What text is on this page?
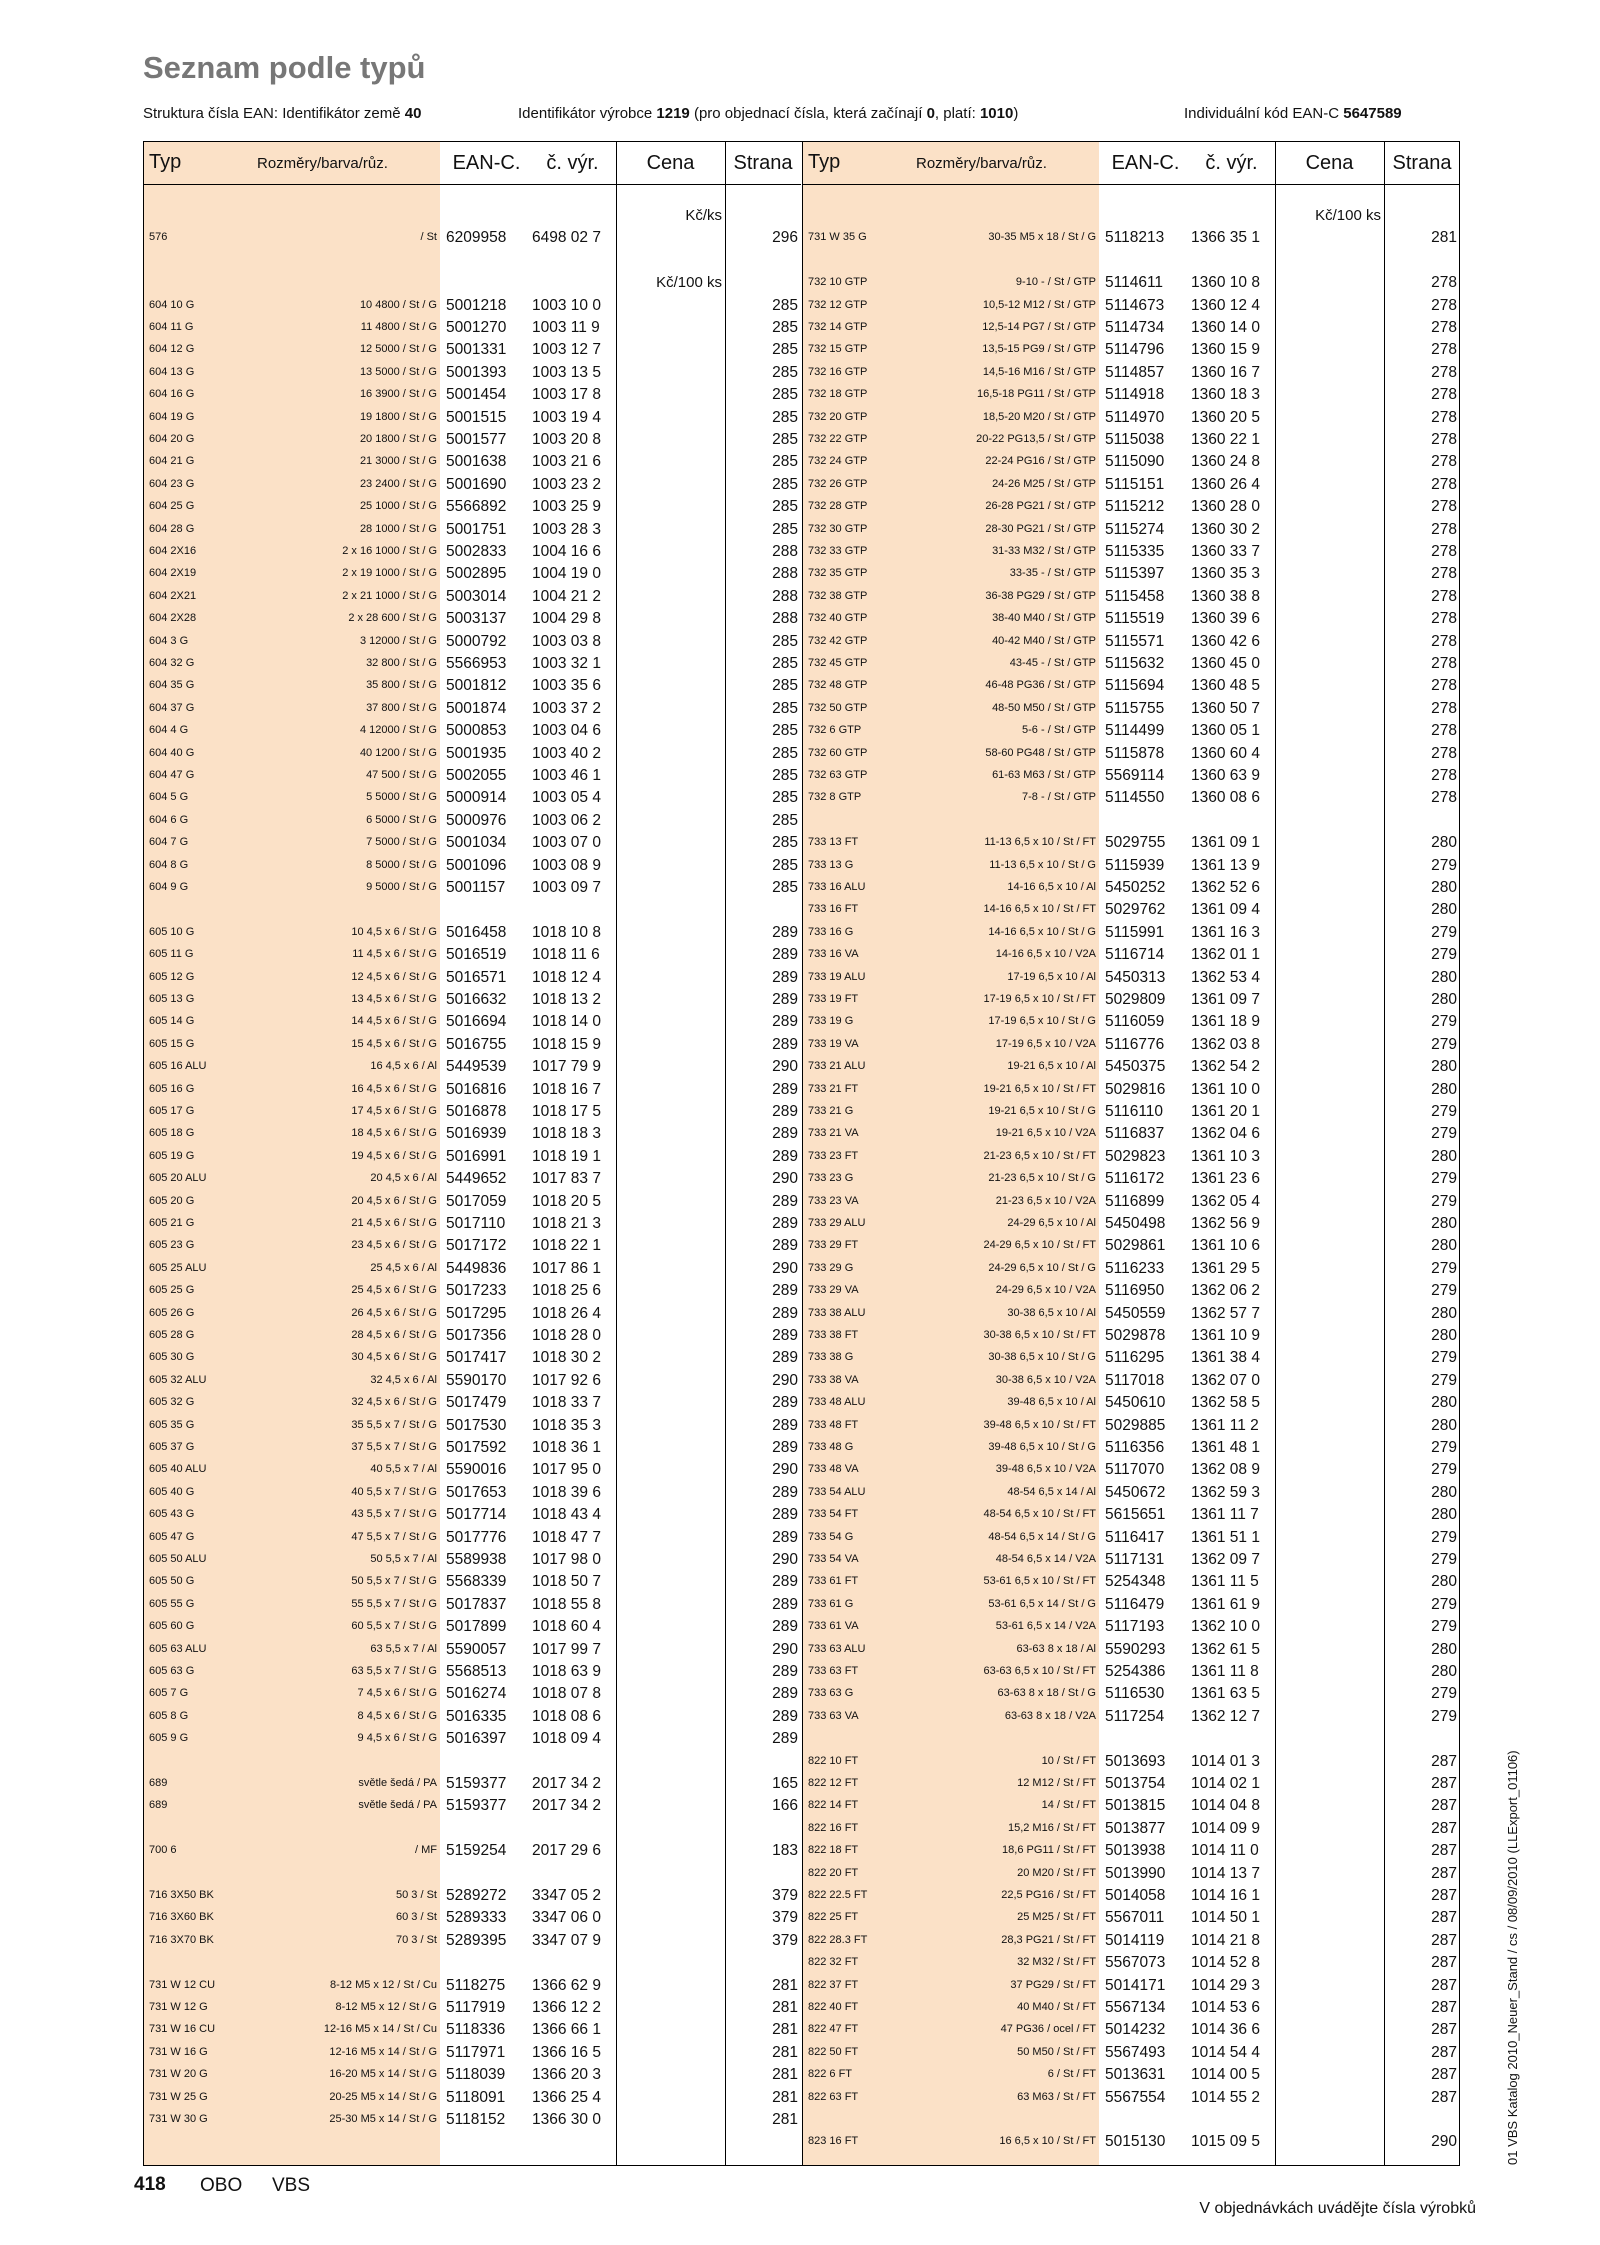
Seznam podle typů
Struktura čísla EAN: Identifikátor země 40	Identifikátor výrobce 1219 (pro objednací čísla, která začínají 0, platí: 1010)	Individuální kód EAN-C 5647589
Typ	Rozměry/barva/růz.	EAN-C.	č. výr.	Cena	Strana
576	/ St 6209958 6498 02 7	296
604 10 G	10 4800 / St / G 5001218 1003 10 0	285
604 11 G	11 4800 / St / G 5001270 1003 11 9	285
604 12 G	12 5000 / St / G 5001331 1003 12 7	285
604 13 G	13 5000 / St / G 5001393 1003 13 5	285
604 16 G	16 3900 / St / G 5001454 1003 17 8	285
604 19 G	19 1800 / St / G 5001515 1003 19 4	285
604 20 G	20 1800 / St / G 5001577 1003 20 8	285
604 21 G	21 3000 / St / G 5001638 1003 21 6	285
604 23 G	23 2400 / St / G 5001690 1003 23 2	285
604 25 G	25 1000 / St / G 5566892 1003 25 9	285
604 28 G	28 1000 / St / G 5001751 1003 28 3	285
604 2X16	2 x 16 1000 / St / G 5002833 1004 16 6	288
604 2X19	2 x 19 1000 / St / G 5002895 1004 19 0	288
604 2X21	2 x 21 1000 / St / G 5003014 1004 21 2	288
604 2X28	2 x 28 600 / St / G 5003137 1004 29 8	288
604 3 G	3 12000 / St / G 5000792 1003 03 8	285
604 32 G	32 800 / St / G 5566953 1003 32 1	285
604 35 G	35 800 / St / G 5001812 1003 35 6	285
604 37 G	37 800 / St / G 5001874 1003 37 2	285
604 4 G	4 12000 / St / G 5000853 1003 04 6	285
604 40 G	40 1200 / St / G 5001935 1003 40 2	285
604 47 G	47 500 / St / G 5002055 1003 46 1	285
604 5 G	5 5000 / St / G 5000914 1003 05 4	285
604 6 G	6 5000 / St / G 5000976 1003 06 2	285
604 7 G	7 5000 / St / G 5001034 1003 07 0	285
604 8 G	8 5000 / St / G 5001096 1003 08 9	285
604 9 G	9 5000 / St / G 5001157 1003 09 7	285
605 10 G	10 4,5 x 6 / St / G 5016458 1018 10 8	289
605 11 G	11 4,5 x 6 / St / G 5016519 1018 11 6	289
605 12 G	12 4,5 x 6 / St / G 5016571 1018 12 4	289
605 13 G	13 4,5 x 6 / St / G 5016632 1018 13 2	289
605 14 G	14 4,5 x 6 / St / G 5016694 1018 14 0	289
605 15 G	15 4,5 x 6 / St / G 5016755 1018 15 9	289
605 16 ALU	16 4,5 x 6 / Al 5449539 1017 79 9	290
605 16 G	16 4,5 x 6 / St / G 5016816 1018 16 7	289
605 17 G	17 4,5 x 6 / St / G 5016878 1018 17 5	289
605 18 G	18 4,5 x 6 / St / G 5016939 1018 18 3	289
605 19 G	19 4,5 x 6 / St / G 5016991 1018 19 1	289
605 20 ALU	20 4,5 x 6 / Al 5449652 1017 83 7	290
605 20 G	20 4,5 x 6 / St / G 5017059 1018 20 5	289
605 21 G	21 4,5 x 6 / St / G 5017110 1018 21 3	289
605 23 G	23 4,5 x 6 / St / G 5017172 1018 22 1	289
605 25 ALU	25 4,5 x 6 / Al 5449836 1017 86 1	290
605 25 G	25 4,5 x 6 / St / G 5017233 1018 25 6	289
605 26 G	26 4,5 x 6 / St / G 5017295 1018 26 4	289
605 28 G	28 4,5 x 6 / St / G 5017356 1018 28 0	289
605 30 G	30 4,5 x 6 / St / G 5017417 1018 30 2	289
605 32 ALU	32 4,5 x 6 / Al 5590170 1017 92 6	290
605 32 G	32 4,5 x 6 / St / G 5017479 1018 33 7	289
605 35 G	35 5,5 x 7 / St / G 5017530 1018 35 3	289
605 37 G	37 5,5 x 7 / St / G 5017592 1018 36 1	289
605 40 ALU	40 5,5 x 7 / Al 5590016 1017 95 0	290
605 40 G	40 5,5 x 7 / St / G 5017653 1018 39 6	289
605 43 G	43 5,5 x 7 / St / G 5017714 1018 43 4	289
605 47 G	47 5,5 x 7 / St / G 5017776 1018 47 7	289
605 50 ALU	50 5,5 x 7 / Al 5589938 1017 98 0	290
605 50 G	50 5,5 x 7 / St / G 5568339 1018 50 7	289
605 55 G	55 5,5 x 7 / St / G 5017837 1018 55 8	289
605 60 G	60 5,5 x 7 / St / G 5017899 1018 60 4	289
605 63 ALU	63 5,5 x 7 / Al 5590057 1017 99 7	290
605 63 G	63 5,5 x 7 / St / G 5568513 1018 63 9	289
605 7 G	7 4,5 x 6 / St / G 5016274 1018 07 8	289
605 8 G	8 4,5 x 6 / St / G 5016335 1018 08 6	289
605 9 G	9 4,5 x 6 / St / G 5016397 1018 09 4	289
689	světle šedá / PA 5159377 2017 34 2	165
689	světle šedá / PA 5159377 2017 34 2	166
700 6	/ MF 5159254 2017 29 6	183
716 3X50 BK	50 3 / St 5289272 3347 05 2	379
716 3X60 BK	60 3 / St 5289333 3347 06 0	379
716 3X70 BK	70 3 / St 5289395 3347 07 9	379
731 W 12 CU	8-12 M5 x 12 / St / Cu 5118275 1366 62 9	281
731 W 12 G	8-12 M5 x 12 / St / G 5117919 1366 12 2	281
731 W 16 CU	12-16 M5 x 14 / St / Cu 5118336 1366 66 1	281
731 W 16 G	12-16 M5 x 14 / St / G 5117971 1366 16 5	281
731 W 20 G	16-20 M5 x 14 / St / G 5118039 1366 20 3	281
731 W 25 G	20-25 M5 x 14 / St / G 5118091 1366 25 4	281
731 W 30 G	25-30 M5 x 14 / St / G 5118152 1366 30 0	281
Kč/ks
Kč/100 ks
Typ	Rozměry/barva/růz.	EAN-C.	č. výr.	Cena	Strana
731 W 35 G	30-35 M5 x 18 / St / G 5118213 1366 35 1	281
732 10 GTP	9-10 - / St / GTP 5114611 1360 10 8	278
732 12 GTP	10,5-12 M12 / St / GTP 5114673 1360 12 4	278
732 14 GTP	12,5-14 PG7 / St / GTP 5114734 1360 14 0	278
732 15 GTP	13,5-15 PG9 / St / GTP 5114796 1360 15 9	278
732 16 GTP	14,5-16 M16 / St / GTP 5114857 1360 16 7	278
732 18 GTP	16,5-18 PG11 / St / GTP 5114918 1360 18 3	278
732 20 GTP	18,5-20 M20 / St / GTP 5114970 1360 20 5	278
732 22 GTP	20-22 PG13,5 / St / GTP 5115038 1360 22 1	278
732 24 GTP	22-24 PG16 / St / GTP 5115090 1360 24 8	278
732 26 GTP	24-26 M25 / St / GTP 5115151 1360 26 4	278
732 28 GTP	26-28 PG21 / St / GTP 5115212 1360 28 0	278
732 30 GTP	28-30 PG21 / St / GTP 5115274 1360 30 2	278
732 33 GTP	31-33 M32 / St / GTP 5115335 1360 33 7	278
732 35 GTP	33-35 - / St / GTP 5115397 1360 35 3	278
732 38 GTP	36-38 PG29 / St / GTP 5115458 1360 38 8	278
732 40 GTP	38-40 M40 / St / GTP 5115519 1360 39 6	278
732 42 GTP	40-42 M40 / St / GTP 5115571 1360 42 6	278
732 45 GTP	43-45 - / St / GTP 5115632 1360 45 0	278
732 48 GTP	46-48 PG36 / St / GTP 5115694 1360 48 5	278
732 50 GTP	48-50 M50 / St / GTP 5115755 1360 50 7	278
732 6 GTP	5-6 - / St / GTP 5114499 1360 05 1	278
732 60 GTP	58-60 PG48 / St / GTP 5115878 1360 60 4	278
732 63 GTP	61-63 M63 / St / GTP 5569114 1360 63 9	278
732 8 GTP	7-8 - / St / GTP 5114550 1360 08 6	278
733 13 FT	11-13 6,5 x 10 / St / FT 5029755 1361 09 1	280
733 13 G	11-13 6,5 x 10 / St / G 5115939 1361 13 9	279
733 16 ALU	14-16 6,5 x 10 / Al 5450252 1362 52 6	280
733 16 FT	14-16 6,5 x 10 / St / FT 5029762 1361 09 4	280
733 16 G	14-16 6,5 x 10 / St / G 5115991 1361 16 3	279
733 16 VA	14-16 6,5 x 10 / V2A 5116714 1362 01 1	279
733 19 ALU	17-19 6,5 x 10 / Al 5450313 1362 53 4	280
733 19 FT	17-19 6,5 x 10 / St / FT 5029809 1361 09 7	280
733 19 G	17-19 6,5 x 10 / St / G 5116059 1361 18 9	279
733 19 VA	17-19 6,5 x 10 / V2A 5116776 1362 03 8	279
733 21 ALU	19-21 6,5 x 10 / Al 5450375 1362 54 2	280
733 21 FT	19-21 6,5 x 10 / St / FT 5029816 1361 10 0	280
733 21 G	19-21 6,5 x 10 / St / G 5116110 1361 20 1	279
733 21 VA	19-21 6,5 x 10 / V2A 5116837 1362 04 6	279
733 23 FT	21-23 6,5 x 10 / St / FT 5029823 1361 10 3	280
733 23 G	21-23 6,5 x 10 / St / G 5116172 1361 23 6	279
733 23 VA	21-23 6,5 x 10 / V2A 5116899 1362 05 4	279
733 29 ALU	24-29 6,5 x 10 / Al 5450498 1362 56 9	280
733 29 FT	24-29 6,5 x 10 / St / FT 5029861 1361 10 6	280
733 29 G	24-29 6,5 x 10 / St / G 5116233 1361 29 5	279
733 29 VA	24-29 6,5 x 10 / V2A 5116950 1362 06 2	279
733 38 ALU	30-38 6,5 x 10 / Al 5450559 1362 57 7	280
733 38 FT	30-38 6,5 x 10 / St / FT 5029878 1361 10 9	280
733 38 G	30-38 6,5 x 10 / St / G 5116295 1361 38 4	279
733 38 VA	30-38 6,5 x 10 / V2A 5117018 1362 07 0	279
733 48 ALU	39-48 6,5 x 10 / Al 5450610 1362 58 5	280
733 48 FT	39-48 6,5 x 10 / St / FT 5029885 1361 11 2	280
733 48 G	39-48 6,5 x 10 / St / G 5116356 1361 48 1	279
733 48 VA	39-48 6,5 x 10 / V2A 5117070 1362 08 9	279
733 54 ALU	48-54 6,5 x 14 / Al 5450672 1362 59 3	280
733 54 FT	48-54 6,5 x 10 / St / FT 5615651 1361 11 7	280
733 54 G	48-54 6,5 x 14 / St / G 5116417 1361 51 1	279
733 54 VA	48-54 6,5 x 14 / V2A 5117131 1362 09 7	279
733 61 FT	53-61 6,5 x 10 / St / FT 5254348 1361 11 5	280
733 61 G	53-61 6,5 x 14 / St / G 5116479 1361 61 9	279
733 61 VA	53-61 6,5 x 14 / V2A 5117193 1362 10 0	279
733 63 ALU	63-63 8 x 18 / Al 5590293 1362 61 5	280
733 63 FT	63-63 6,5 x 10 / St / FT 5254386 1361 11 8	280
733 63 G	63-63 8 x 18 / St / G 5116530 1361 63 5	279
733 63 VA	63-63 8 x 18 / V2A 5117254 1362 12 7	279
822 10 FT	10 / St / FT 5013693 1014 01 3	287
822 12 FT	12 M12 / St / FT 5013754 1014 02 1	287
822 14 FT	14 / St / FT 5013815 1014 04 8	287
822 16 FT	15,2 M16 / St / FT 5013877 1014 09 9	287
822 18 FT	18,6 PG11 / St / FT 5013938 1014 11 0	287
822 20 FT	20 M20 / St / FT 5013990 1014 13 7	287
822 22.5 FT	22,5 PG16 / St / FT 5014058 1014 16 1	287
822 25 FT	25 M25 / St / FT 5567011 1014 50 1	287
822 28.3 FT	28,3 PG21 / St / FT 5014119 1014 21 8	287
822 32 FT	32 M32 / St / FT 5567073 1014 52 8	287
822 37 FT	37 PG29 / St / FT 5014171 1014 29 3	287
822 40 FT	40 M40 / St / FT 5567134 1014 53 6	287
822 47 FT	47 PG36 / ocel / FT 5014232 1014 36 6	287
822 50 FT	50 M50 / St / FT 5567493 1014 54 4	287
822 6 FT	6 / St / FT 5013631 1014 00 5	287
822 63 FT	63 M63 / St / FT 5567554 1014 55 2	287
823 16 FT	16 6,5 x 10 / St / FT 5015130 1015 09 5	290
Kč/100 ks
418 OBO VBS
V objednávkách uvádějte čísla výrobků
01 VBS Katalog 2010_Neuer_Stand / cs / 08/09/2010 (LLExport_01106)
